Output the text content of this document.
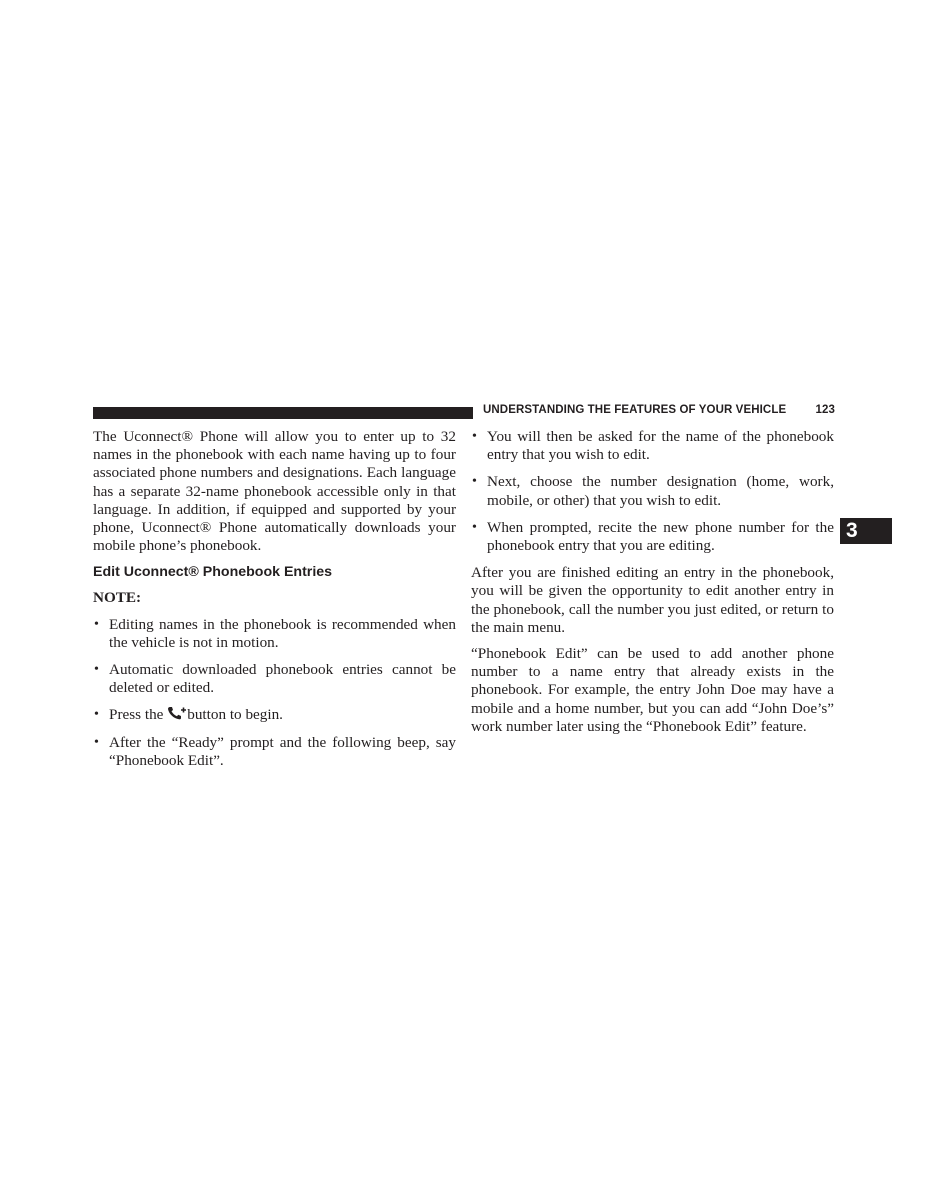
UNDERSTANDING THE FEATURES OF YOUR VEHICLE	123
3

The Uconnect® Phone will allow you to enter up to 32 names in the phonebook with each name having up to four associated phone numbers and designations. Each language has a separate 32-name phonebook accessible only in that language. In addition, if equipped and supported by your phone, Uconnect® Phone automatically downloads your mobile phone’s phonebook.

Edit Uconnect® Phonebook Entries
NOTE:
• Editing names in the phonebook is recommended when the vehicle is not in motion.
• Automatic downloaded phonebook entries cannot be deleted or edited.
• Press the button to begin.
• After the “Ready” prompt and the following beep, say “Phonebook Edit”.
• You will then be asked for the name of the phonebook entry that you wish to edit.
• Next, choose the number designation (home, work, mobile, or other) that you wish to edit.
• When prompted, recite the new phone number for the phonebook entry that you are editing.

After you are finished editing an entry in the phonebook, you will be given the opportunity to edit another entry in the phonebook, call the number you just edited, or return to the main menu.

“Phonebook Edit” can be used to add another phone number to a name entry that already exists in the phonebook. For example, the entry John Doe may have a mobile and a home number, but you can add “John Doe’s” work number later using the “Phonebook Edit” feature.
